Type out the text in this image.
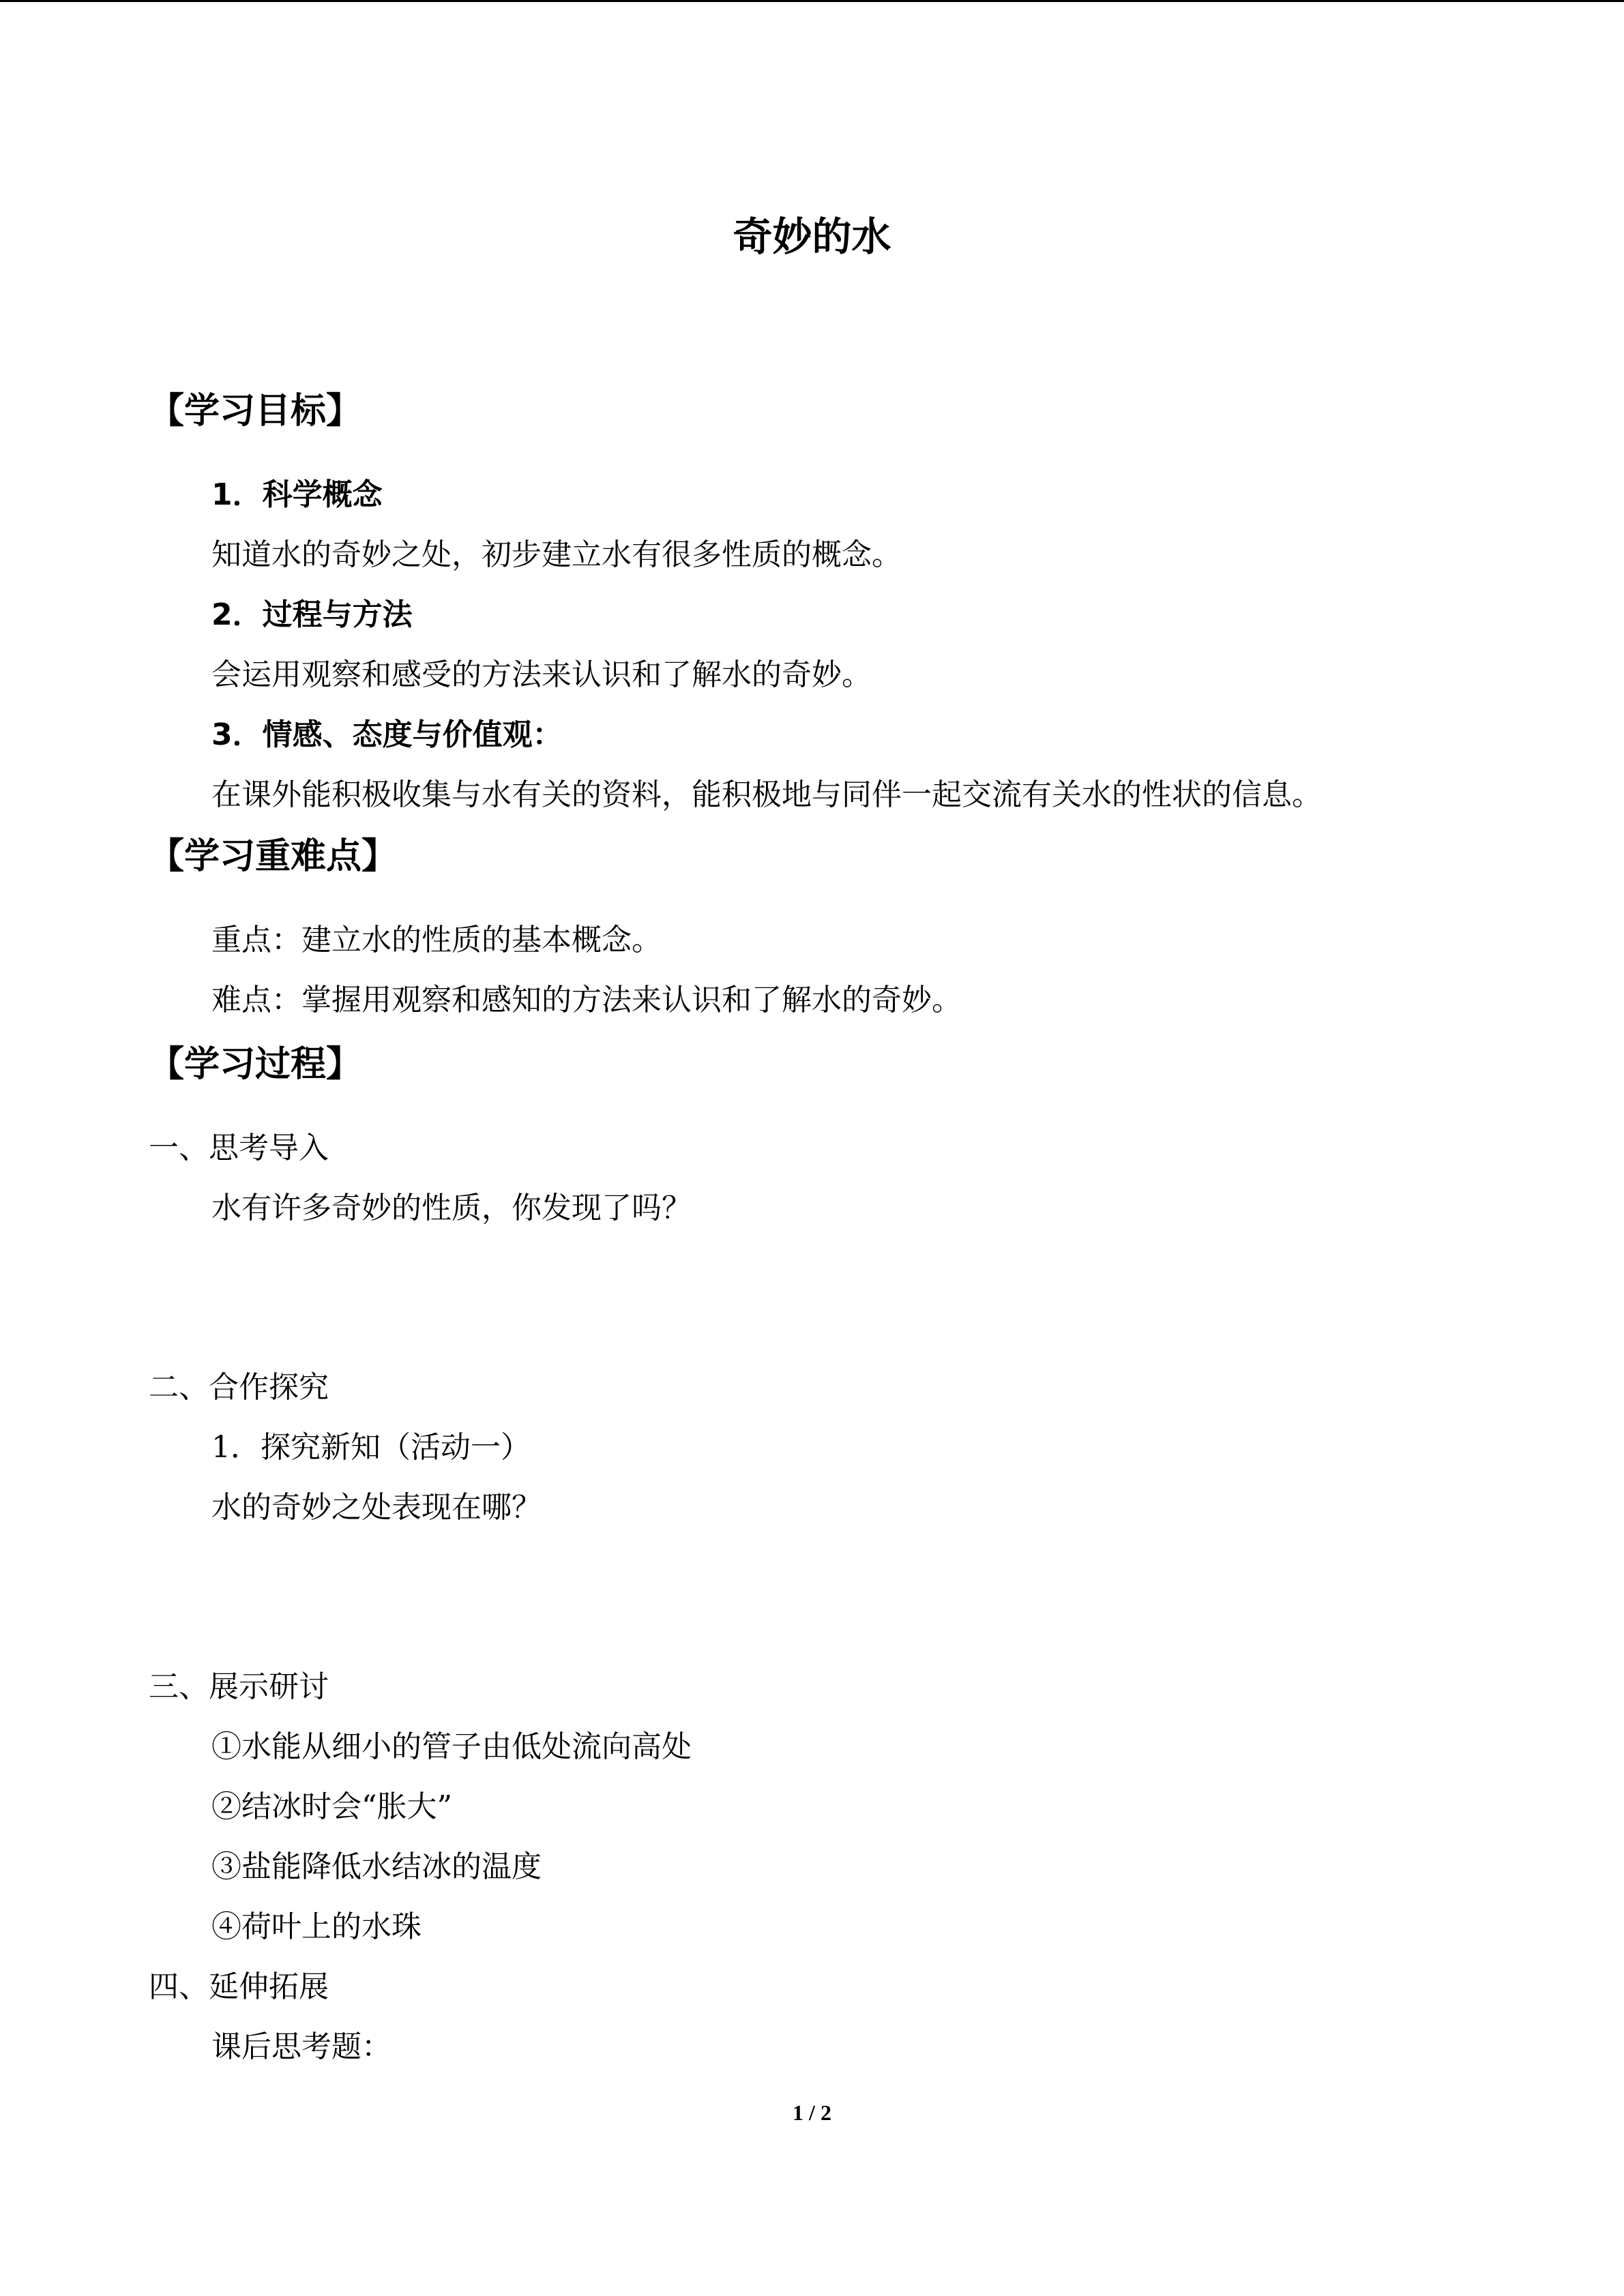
奇妙的水
【学习目标】
1．科学概念
知道水的奇妙之处，初步建立水有很多性质的概念。
2．过程与方法
会运用观察和感受的方法来认识和了解水的奇妙。
3．情感、态度与价值观：
在课外能积极收集与水有关的资料，能积极地与同伴一起交流有关水的性状的信息。
【学习重难点】
重点：建立水的性质的基本概念。
难点：掌握用观察和感知的方法来认识和了解水的奇妙。
【学习过程】
一、思考导入
水有许多奇妙的性质，你发现了吗？
二、合作探究
1．探究新知（活动一）
水的奇妙之处表现在哪？
三、展示研讨
①水能从细小的管子由低处流向高处
②结冰时会“胀大”
③盐能降低水结冰的温度
④荷叶上的水珠
四、延伸拓展
课后思考题：
1 / 2
